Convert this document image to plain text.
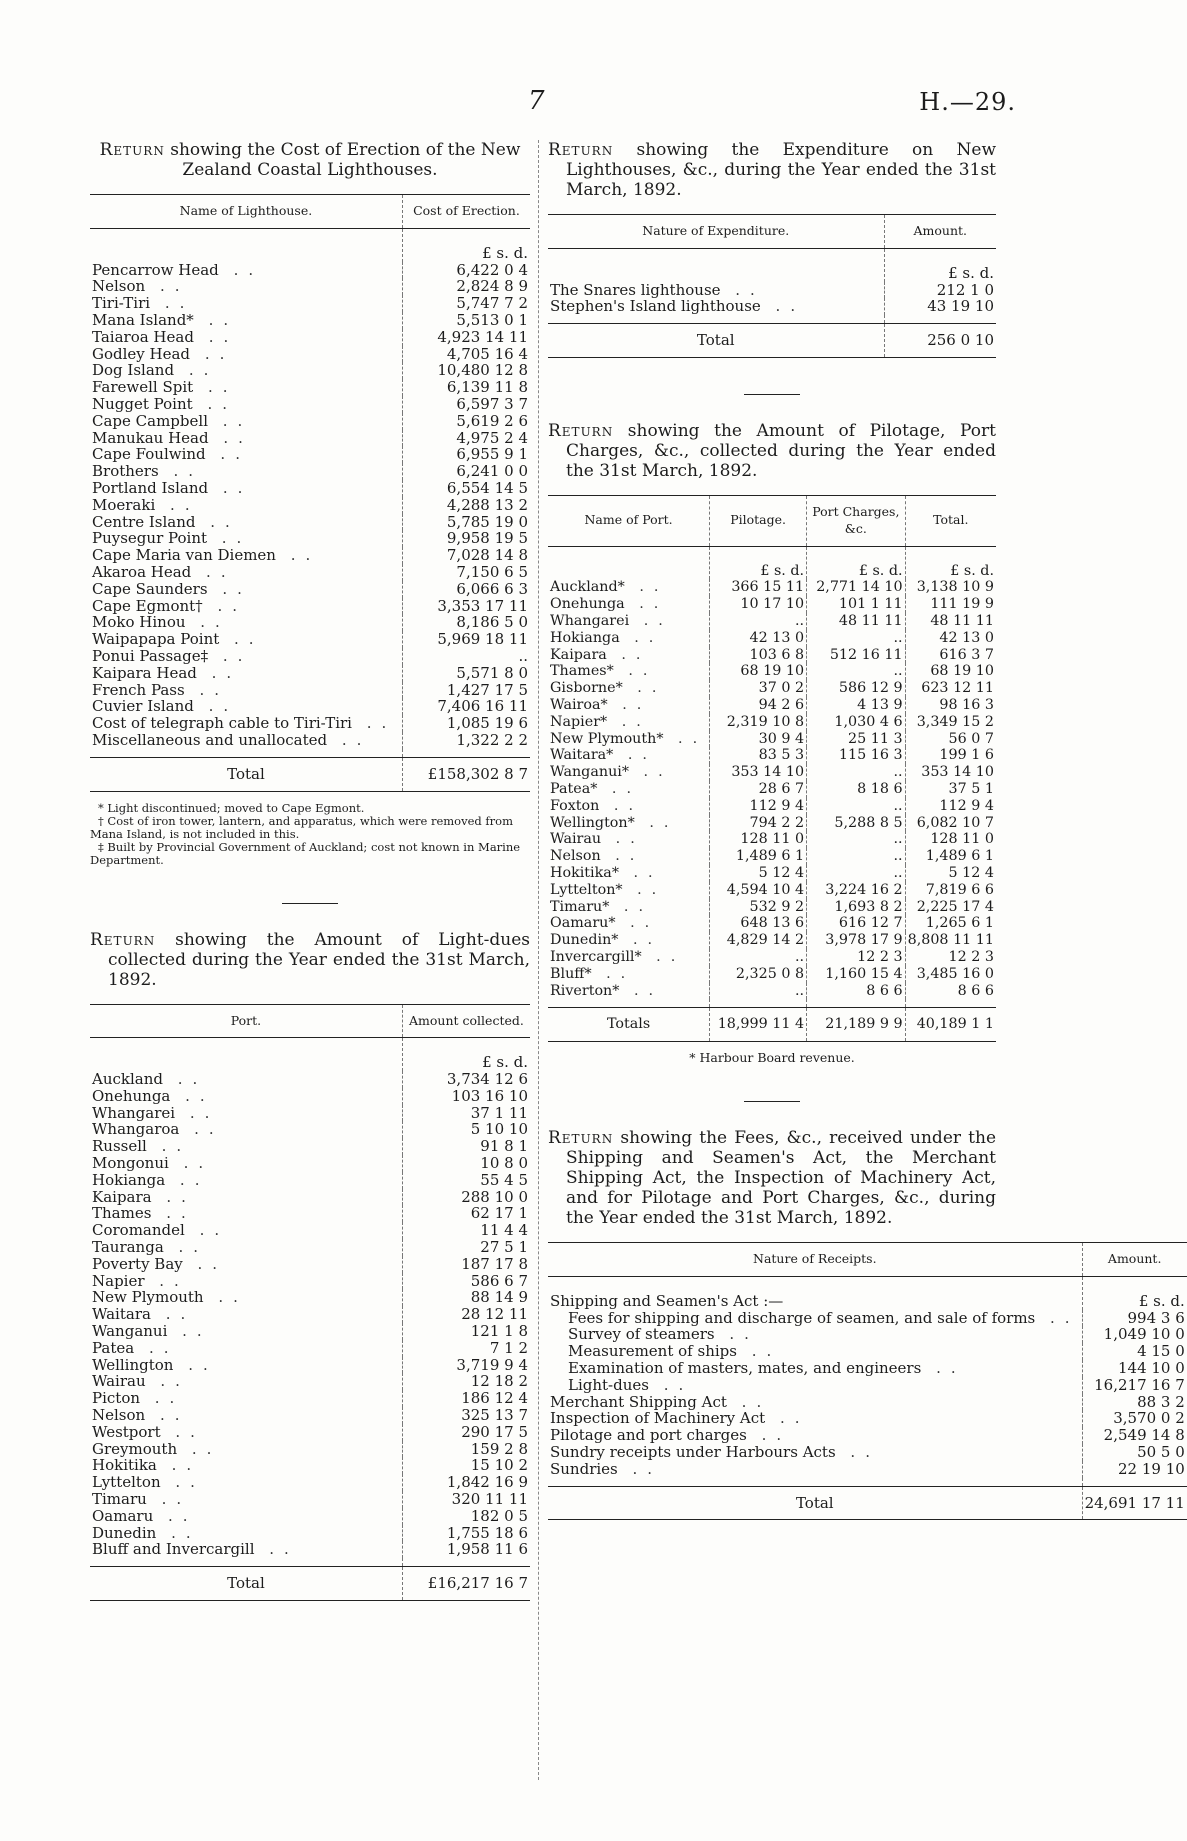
7	H.—29.
Return showing the Cost of Erection of the New Zealand Coastal Lighthouses.
Name of Lighthouse.	Cost of Erection.
	£ s. d.
Pencarrow Head ..	6,422 0 4
Nelson ..	2,824 8 9
Tiri-Tiri ..	5,747 7 2
Mana Island* ..	5,513 0 1
Taiaroa Head ..	4,923 14 11
Godley Head ..	4,705 16 4
Dog Island ..	10,480 12 8
Farewell Spit ..	6,139 11 8
Nugget Point ..	6,597 3 7
Cape Campbell ..	5,619 2 6
Manukau Head ..	4,975 2 4
Cape Foulwind ..	6,955 9 1
Brothers ..	6,241 0 0
Portland Island ..	6,554 14 5
Moeraki ..	4,288 13 2
Centre Island ..	5,785 19 0
Puysegur Point ..	9,958 19 5
Cape Maria van Diemen ..	7,028 14 8
Akaroa Head ..	7,150 6 5
Cape Saunders ..	6,066 6 3
Cape Egmont† ..	3,353 17 11
Moko Hinou ..	8,186 5 0
Waipapapa Point ..	5,969 18 11
Ponui Passage‡ ..	..
Kaipara Head ..	5,571 8 0
French Pass ..	1,427 17 5
Cuvier Island ..	7,406 16 11
Cost of telegraph cable to Tiri-Tiri ..	1,085 19 6
Miscellaneous and unallocated ..	1,322 2 2

Total	£158,302 8 7

* Light discontinued; moved to Cape Egmont.

† Cost of iron tower, lantern, and apparatus, which were removed from Mana Island, is not included in this.

‡ Built by Provincial Government of Auckland; cost not known in Marine Department.

Return showing the Amount of Light-dues collected during the Year ended the 31st March, 1892.
Port.	Amount collected.
	£ s. d.
Auckland ..	3,734 12 6
Onehunga ..	103 16 10
Whangarei ..	37 1 11
Whangaroa ..	5 10 10
Russell ..	91 8 1
Mongonui ..	10 8 0
Hokianga ..	55 4 5
Kaipara ..	288 10 0
Thames ..	62 17 1
Coromandel ..	11 4 4
Tauranga ..	27 5 1
Poverty Bay ..	187 17 8
Napier ..	586 6 7
New Plymouth ..	88 14 9
Waitara ..	28 12 11
Wanganui ..	121 1 8
Patea ..	7 1 2
Wellington ..	3,719 9 4
Wairau ..	12 18 2
Picton ..	186 12 4
Nelson ..	325 13 7
Westport ..	290 17 5
Greymouth ..	159 2 8
Hokitika ..	15 10 2
Lyttelton ..	1,842 16 9
Timaru ..	320 11 11
Oamaru ..	182 0 5
Dunedin ..	1,755 18 6
Bluff and Invercargill ..	1,958 11 6

Total	£16,217 16 7
Return showing the Expenditure on New Lighthouses, &c., during the Year ended the 31st March, 1892.
Nature of Expenditure.	Amount.
	£ s. d.
The Snares lighthouse ..	212 1 0
Stephen's Island lighthouse ..	43 19 10

Total	256 0 10
Return showing the Amount of Pilotage, Port Charges, &c., collected during the Year ended the 31st March, 1892.
Name of Port.	Pilotage.	Port Charges, &c.	Total.
	£ s. d.	£ s. d.	£ s. d.
Auckland* ..	366 15 11	2,771 14 10	3,138 10 9
Onehunga ..	10 17 10	101 1 11	111 19 9
Whangarei ..	..	48 11 11	48 11 11
Hokianga ..	42 13 0	..	42 13 0
Kaipara ..	103 6 8	512 16 11	616 3 7
Thames* ..	68 19 10	..	68 19 10
Gisborne* ..	37 0 2	586 12 9	623 12 11
Wairoa* ..	94 2 6	4 13 9	98 16 3
Napier* ..	2,319 10 8	1,030 4 6	3,349 15 2
New Plymouth* ..	30 9 4	25 11 3	56 0 7
Waitara* ..	83 5 3	115 16 3	199 1 6
Wanganui* ..	353 14 10	..	353 14 10
Patea* ..	28 6 7	8 18 6	37 5 1
Foxton ..	112 9 4	..	112 9 4
Wellington* ..	794 2 2	5,288 8 5	6,082 10 7
Wairau ..	128 11 0	..	128 11 0
Nelson ..	1,489 6 1	..	1,489 6 1
Hokitika* ..	5 12 4	..	5 12 4
Lyttelton* ..	4,594 10 4	3,224 16 2	7,819 6 6
Timaru* ..	532 9 2	1,693 8 2	2,225 17 4
Oamaru* ..	648 13 6	616 12 7	1,265 6 1
Dunedin* ..	4,829 14 2	3,978 17 9	8,808 11 11
Invercargill* ..	..	12 2 3	12 2 3
Bluff* ..	2,325 0 8	1,160 15 4	3,485 16 0
Riverton* ..	..	8 6 6	8 6 6

Totals	18,999 11 4	21,189 9 9	40,189 1 1
* Harbour Board revenue.
Return showing the Fees, &c., received under the Shipping and Seamen's Act, the Merchant Shipping Act, the Inspection of Machinery Act, and for Pilotage and Port Charges, &c., during the Year ended the 31st March, 1892.
Nature of Receipts.	Amount.
Shipping and Seamen's Act :—	£ s. d.
Fees for shipping and discharge of seamen, and sale of forms ..	994 3 6
Survey of steamers ..	1,049 10 0
Measurement of ships ..	4 15 0
Examination of masters, mates, and engineers ..	144 10 0
Light-dues ..	16,217 16 7
Merchant Shipping Act ..	88 3 2
Inspection of Machinery Act ..	3,570 0 2
Pilotage and port charges ..	2,549 14 8
Sundry receipts under Harbours Acts ..	50 5 0
Sundries ..	22 19 10

Total	24,691 17 11
